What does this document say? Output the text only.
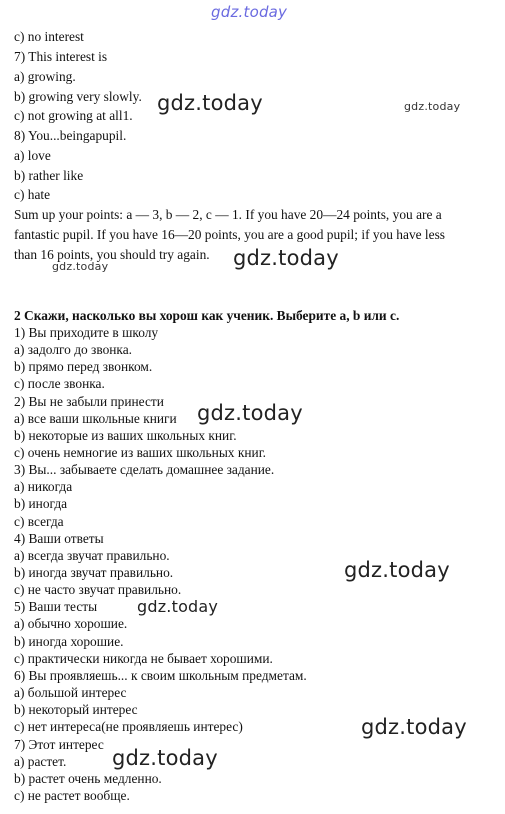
gdz.today
gdz.today	gdz.today
gdz.today
gdz.today
gdz.today
gdz.today
gdz.today
gdz.today
gdz.today
c) no interest
7) This interest is
a) growing.
b) growing very slowly.
c) not growing at all1.
8) You...beingapupil.
a) love
b) rather like
c) hate
Sum up your points: a — 3, b — 2, c — 1. If you have 20—24 points, you are a
fantastic pupil. If you have 16—20 points, you are a good pupil; if you have less
than 16 points, you should try again.
2 Скажи, насколько вы хорош как ученик. Выберите a, b или c.
1) Вы приходите в школу
a) задолго до звонка.
b) прямо перед звонком.
c) после звонка.
2) Вы не забыли принести
a) все ваши школьные книги
b) некоторые из ваших школьных книг.
c) очень немногие из ваших школьных книг.
3) Вы... забываете сделать домашнее задание.
a) никогда
b) иногда
c) всегда
4) Ваши ответы
a) всегда звучат правильно.
b) иногда звучат правильно.
c) не часто звучат правильно.
5) Ваши тесты
a) обычно хорошие.
b) иногда хорошие.
c) практически никогда не бывает хорошими.
6) Вы проявляешь... к своим школьным предметам.
a) большой интерес
b) некоторый интерес
c) нет интереса(не проявляешь интерес)
7) Этот интерес
a) растет.
b) растет очень медленно.
c) не растет вообще.
